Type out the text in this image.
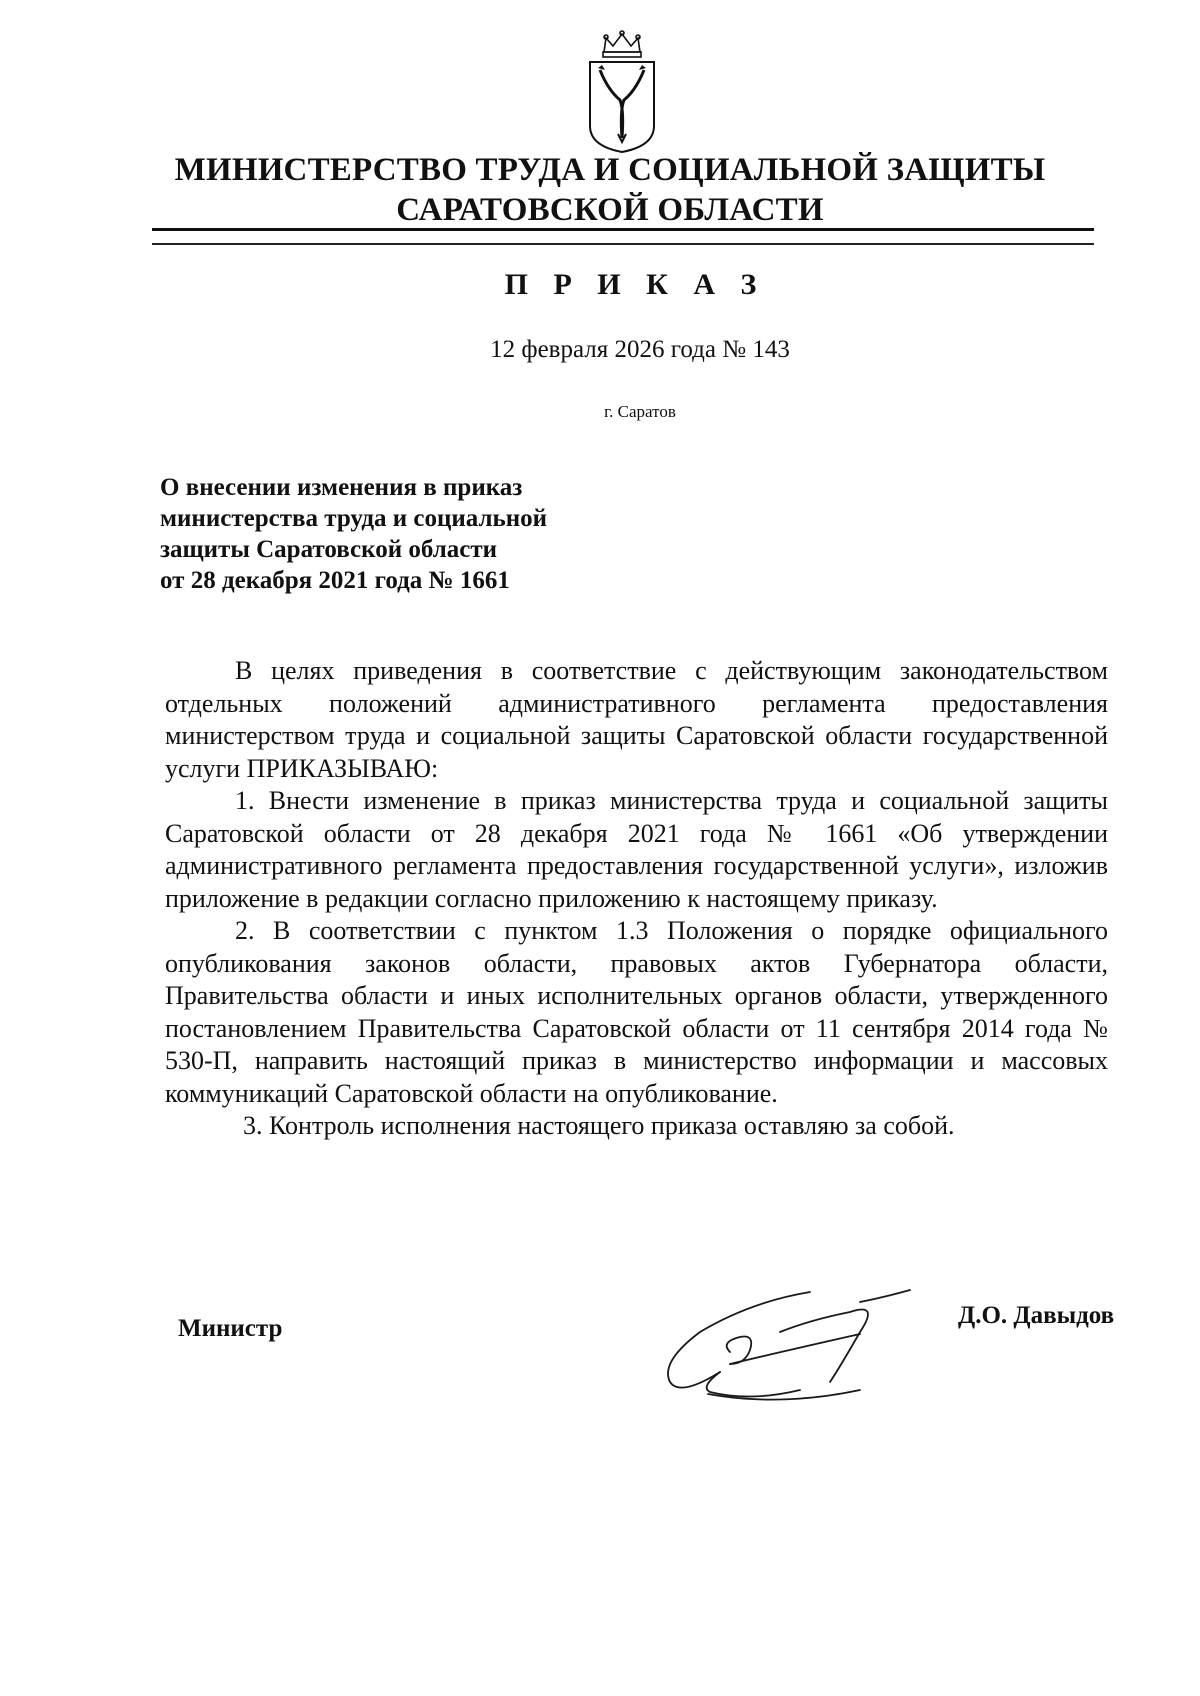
МИНИСТЕРСТВО ТРУДА И СОЦИАЛЬНОЙ ЗАЩИТЫ
САРАТОВСКОЙ ОБЛАСТИ
П Р И К А З
12 февраля 2026 года № 143
г. Саратов
О внесении изменения в приказ
министерства труда и социальной
защиты Саратовской области
от 28 декабря 2021 года № 1661

В целях приведения в соответствие с действующим законодательством отдельных положений административного регламента предоставления министерством труда и социальной защиты Саратовской области государственной услуги ПРИКАЗЫВАЮ:

1. Внести изменение в приказ министерства труда и социальной защиты Саратовской области от 28 декабря 2021 года № 1661 «Об утверждении административного регламента предоставления государственной услуги», изложив приложение в редакции согласно приложению к настоящему приказу.

2. В соответствии с пунктом 1.3 Положения о порядке официального опубликования законов области, правовых актов Губернатора области, Правительства области и иных исполнительных органов области, утвержденного постановлением Правительства Саратовской области от 11 сентября 2014 года № 530-П, направить настоящий приказ в министерство информации и массовых коммуникаций Саратовской области на опубликование.

3. Контроль исполнения настоящего приказа оставляю за собой.

Министр	Д.О. Давыдов
